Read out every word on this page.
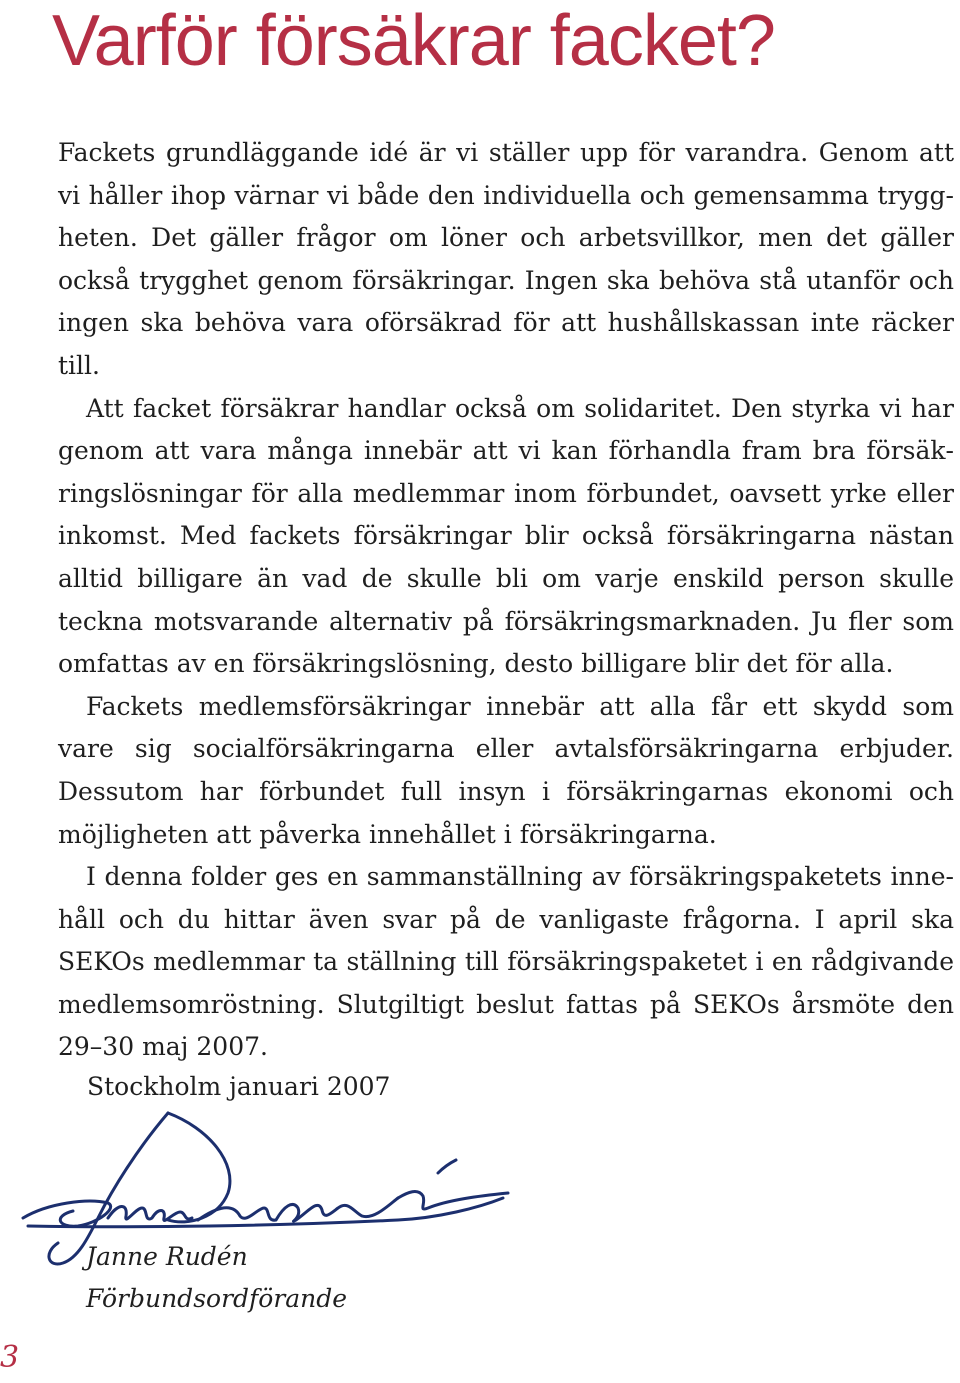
Varför försäkrar facket?

Fackets grundläggande idé är vi ställer upp för varandra. Genom att vi håller ihop värnar vi både den individuella och gemensamma tryggheten. Det gäller frågor om löner och arbetsvillkor, men det gäller också trygghet genom försäkringar. Ingen ska behöva stå utanför och ingen ska behöva vara oförsäkrad för att hushållskassan inte räcker till.

Att facket försäkrar handlar också om solidaritet. Den styrka vi har genom att vara många innebär att vi kan förhandla fram bra försäkringslösningar för alla medlemmar inom förbundet, oavsett yrke eller inkomst. Med fackets försäkringar blir också försäkringarna nästan alltid billigare än vad de skulle bli om varje enskild person skulle teckna motsvarande alternativ på försäkringsmarknaden. Ju fler som omfattas av en försäkringslösning, desto billigare blir det för alla.

Fackets medlemsförsäkringar innebär att alla får ett skydd som vare sig socialförsäkringarna eller avtalsförsäkringarna erbjuder. Dessutom har förbundet full insyn i försäkringarnas ekonomi och möjligheten att påverka innehållet i försäkringarna.

I denna folder ges en sammanställning av försäkringspaketets innehåll och du hittar även svar på de vanligaste frågorna. I april ska SEKOs medlemmar ta ställning till försäkringspaketet i en rådgivande medlemsomröstning. Slutgiltigt beslut fattas på SEKOs årsmöte den 29–30 maj 2007.

Stockholm januari 2007
Janne Rudén
Förbundsordförande
3
